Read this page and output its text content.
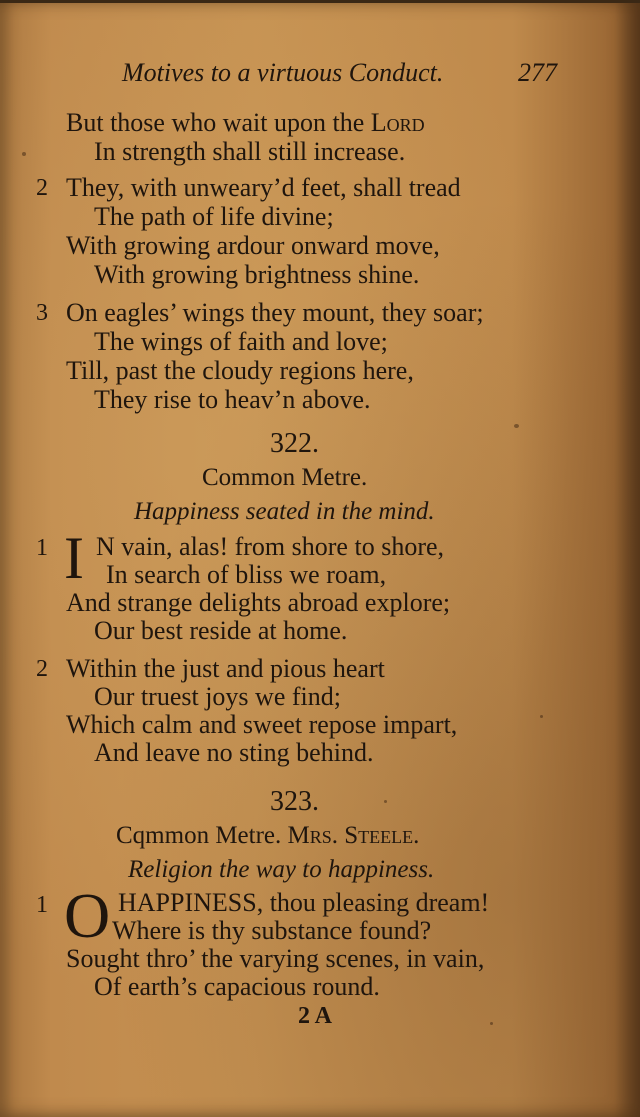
Motives to a virtuous Conduct.	277
But those who wait upon the Lord
In strength shall still increase.
2 They, with unweary’d feet, shall tread
The path of life divine;
With growing ardour onward move,
With growing brightness shine.
3 On eagles’ wings they mount, they soar;
The wings of faith and love;
Till, past the cloudy regions here,
They rise to heav’n above.
322.
Common Metre.
Happiness seated in the mind.
1 I N vain, alas! from shore to shore,
In search of bliss we roam,
And strange delights abroad explore;
Our best reside at home.
2 Within the just and pious heart
Our truest joys we find;
Which calm and sweet repose impart,
And leave no sting behind.
323.
Cqmmon Metre. Mrs. Steele.
Religion the way to happiness.
1 O HAPPINESS, thou pleasing dream!
Where is thy substance found?
Sought thro’ the varying scenes, in vain,
Of earth’s capacious round.
2 A
